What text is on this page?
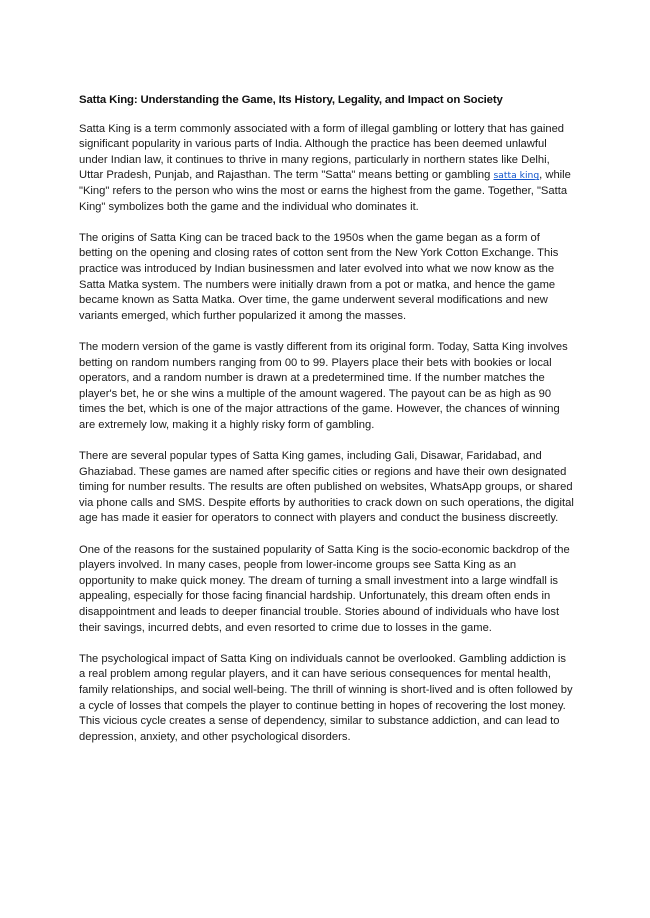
Satta King: Understanding the Game, Its History, Legality, and Impact on Society

Satta King is a term commonly associated with a form of illegal gambling or lottery that has gained significant popularity in various parts of India. Although the practice has been deemed unlawful under Indian law, it continues to thrive in many regions, particularly in northern states like Delhi, Uttar Pradesh, Punjab, and Rajasthan. The term "Satta" means betting or gambling satta king, while "King" refers to the person who wins the most or earns the highest from the game. Together, "Satta King" symbolizes both the game and the individual who dominates it.

The origins of Satta King can be traced back to the 1950s when the game began as a form of betting on the opening and closing rates of cotton sent from the New York Cotton Exchange. This practice was introduced by Indian businessmen and later evolved into what we now know as the Satta Matka system. The numbers were initially drawn from a pot or matka, and hence the game became known as Satta Matka. Over time, the game underwent several modifications and new variants emerged, which further popularized it among the masses.

The modern version of the game is vastly different from its original form. Today, Satta King involves betting on random numbers ranging from 00 to 99. Players place their bets with bookies or local operators, and a random number is drawn at a predetermined time. If the number matches the player's bet, he or she wins a multiple of the amount wagered. The payout can be as high as 90 times the bet, which is one of the major attractions of the game. However, the chances of winning are extremely low, making it a highly risky form of gambling.

There are several popular types of Satta King games, including Gali, Disawar, Faridabad, and Ghaziabad. These games are named after specific cities or regions and have their own designated timing for number results. The results are often published on websites, WhatsApp groups, or shared via phone calls and SMS. Despite efforts by authorities to crack down on such operations, the digital age has made it easier for operators to connect with players and conduct the business discreetly.

One of the reasons for the sustained popularity of Satta King is the socio-economic backdrop of the players involved. In many cases, people from lower-income groups see Satta King as an opportunity to make quick money. The dream of turning a small investment into a large windfall is appealing, especially for those facing financial hardship. Unfortunately, this dream often ends in disappointment and leads to deeper financial trouble. Stories abound of individuals who have lost their savings, incurred debts, and even resorted to crime due to losses in the game.

The psychological impact of Satta King on individuals cannot be overlooked. Gambling addiction is a real problem among regular players, and it can have serious consequences for mental health, family relationships, and social well-being. The thrill of winning is short-lived and is often followed by a cycle of losses that compels the player to continue betting in hopes of recovering the lost money. This vicious cycle creates a sense of dependency, similar to substance addiction, and can lead to depression, anxiety, and other psychological disorders.
